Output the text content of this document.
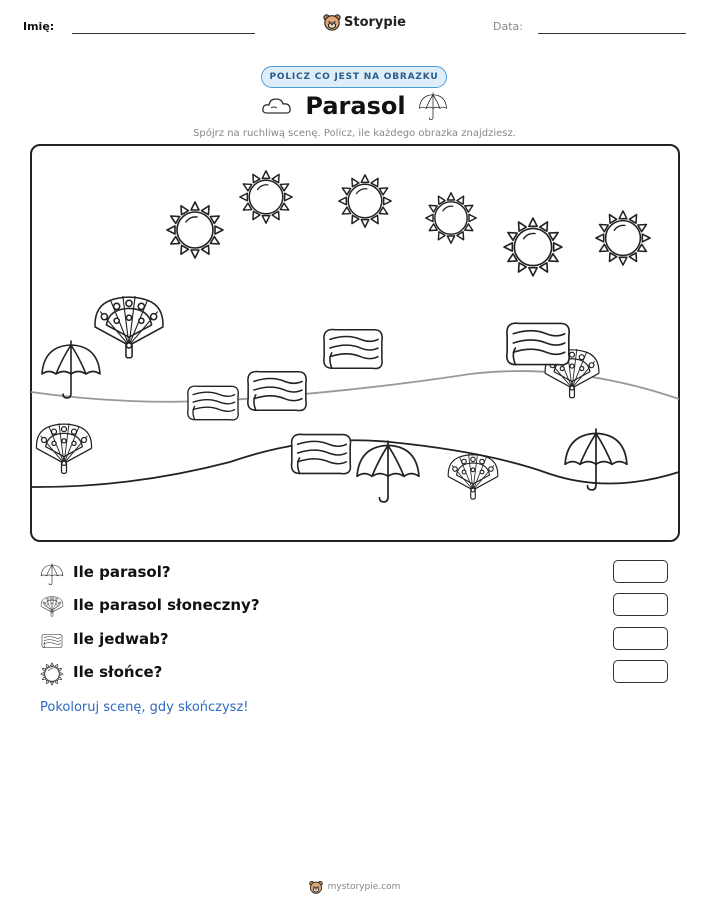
Imię:	Storypie	Data:
POLICZ CO JEST NA OBRAZKU
Parasol
Spójrz na ruchliwą scenę. Policz, ile każdego obrazka znajdziesz.
Ile parasol?
Ile parasol słoneczny?
Ile jedwab?
Ile słońce?
Pokoloruj scenę, gdy skończysz!
mystorypie.com
